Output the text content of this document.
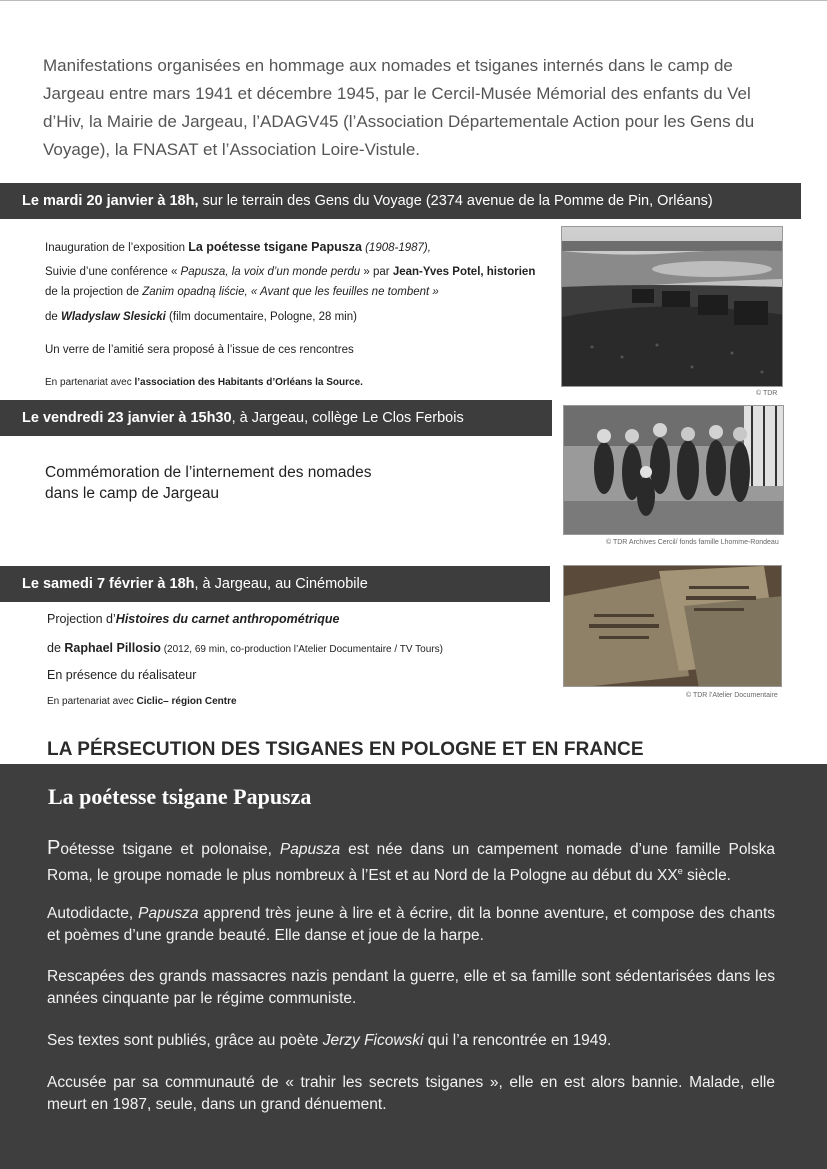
Manifestations organisées en hommage aux nomades et tsiganes internés dans le camp de Jargeau entre mars 1941 et décembre 1945, par le Cercil-Musée Mémorial des enfants du Vel d’Hiv, la Mairie de Jargeau, l’ADAGV45 (l’Association Départementale Action pour les Gens du Voyage), la FNASAT et l’Association Loire-Vistule.
Le mardi 20 janvier à 18h, sur le terrain des Gens du Voyage (2374 avenue de la Pomme de Pin, Orléans)
Inauguration de l’exposition La poétesse tsigane Papusza (1908-1987),
Suivie d’une conférence « Papusza, la voix d’un monde perdu » par Jean-Yves Potel, historien
de la projection de Zanim opadną liście, « Avant que les feuilles ne tombent »
de Wladyslaw Slesicki (film documentaire, Pologne, 28 min)
Un verre de l’amitié sera proposé à l’issue de ces rencontres
En partenariat avec l’association des Habitants d’Orléans la Source.
© TDR
Le vendredi 23 janvier à 15h30, à Jargeau, collège Le Clos Ferbois
Commémoration de l’internement des nomades
dans le camp de Jargeau
© TDR Archives Cercil/ fonds famille Lhomme-Rondeau
Le samedi 7 février à 18h, à Jargeau, au Cinémobile
Projection d’Histoires du carnet anthropométrique
de Raphael Pillosio (2012, 69 min, co-production l’Atelier Documentaire / TV Tours)
En présence du réalisateur
En partenariat avec Ciclic– région Centre
© TDR l’Atelier Documentaire
LA PÉRSECUTION DES TSIGANES EN POLOGNE ET EN FRANCE
La poétesse tsigane Papusza
Poétesse tsigane et polonaise, Papusza est née dans un campement nomade d’une famille Polska Roma, le groupe nomade le plus nombreux à l’Est et au Nord de la Pologne au début du XXe siècle.
Autodidacte, Papusza apprend très jeune à lire et à écrire, dit la bonne aventure, et compose des chants et poèmes d’une grande beauté. Elle danse et joue de la harpe.
Rescapées des grands massacres nazis pendant la guerre, elle et sa famille sont sédentarisées dans les années cinquante par le régime communiste.
Ses textes sont publiés, grâce au poète Jerzy Ficowski qui l’a rencontrée en 1949.
Accusée par sa communauté de « trahir les secrets tsiganes », elle en est alors bannie. Malade, elle meurt en 1987, seule, dans un grand dénuement.
